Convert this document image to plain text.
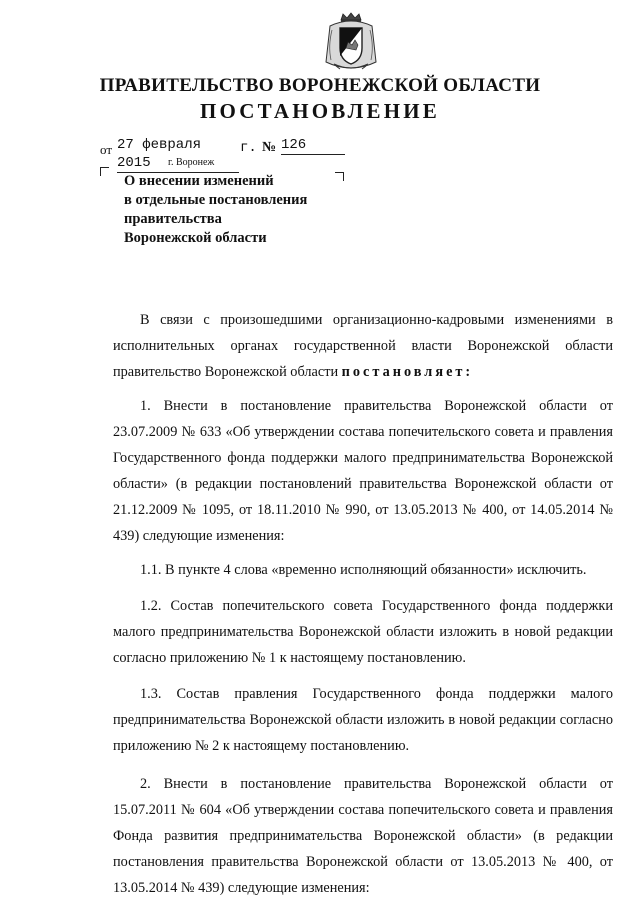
ПРАВИТЕЛЬСТВО ВОРОНЕЖСКОЙ ОБЛАСТИ
ПОСТАНОВЛЕНИЕ
от 27 февраля 2015
г. № 126
г. Воронеж
О внесении изменений
в отдельные постановления
правительства
Воронежской области

В связи с произошедшими организационно-кадровыми изменениями в исполнительных органах государственной власти Воронежской области правительство Воронежской области постановляет:

1. Внести в постановление правительства Воронежской области от 23.07.2009 № 633 «Об утверждении состава попечительского совета и правления Государственного фонда поддержки малого предпринимательства Воронежской области» (в редакции постановлений правительства Воронежской области от 21.12.2009 № 1095, от 18.11.2010 № 990, от 13.05.2013 № 400, от 14.05.2014 № 439) следующие изменения:

1.1. В пункте 4 слова «временно исполняющий обязанности» исключить.

1.2. Состав попечительского совета Государственного фонда поддержки малого предпринимательства Воронежской области изложить в новой редакции согласно приложению № 1 к настоящему постановлению.

1.3. Состав правления Государственного фонда поддержки малого предпринимательства Воронежской области изложить в новой редакции согласно приложению № 2 к настоящему постановлению.

2. Внести в постановление правительства Воронежской области от 15.07.2011 № 604 «Об утверждении состава попечительского совета и правления Фонда развития предпринимательства Воронежской области» (в редакции постановления правительства Воронежской области от 13.05.2013 № 400, от 13.05.2014 № 439) следующие изменения:
